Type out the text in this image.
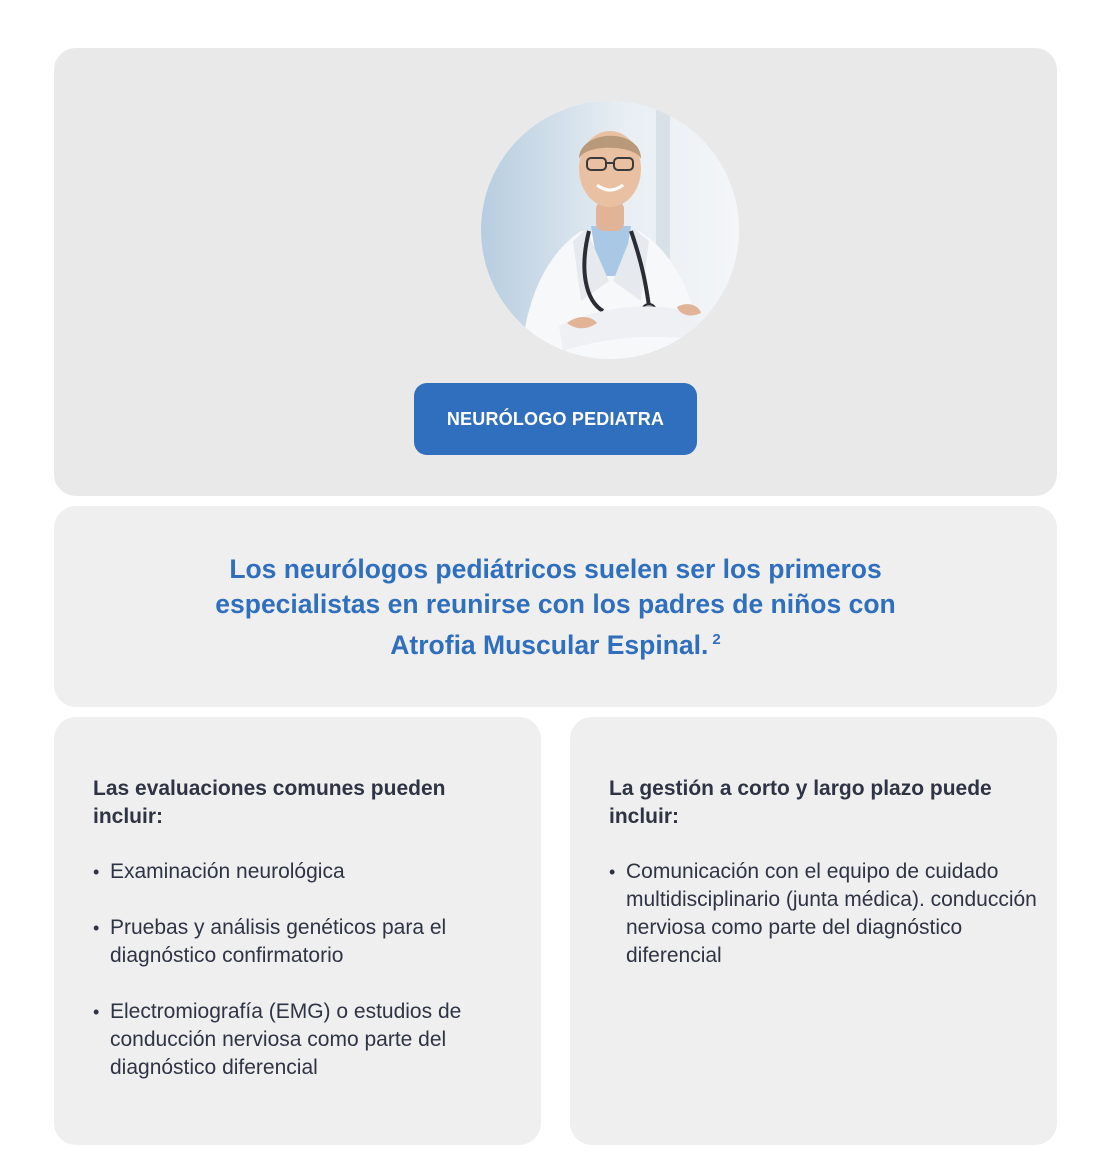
NEURÓLOGO PEDIATRA

Los neurólogos pediátricos suelen ser los primeros
especialistas en reunirse con los padres de niños con
Atrofia Muscular Espinal. $^2$

Las evaluaciones comunes pueden incluir:
• Examinación neurológica
• Pruebas y análisis genéticos para el diagnóstico confirmatorio
• Electromiografía (EMG) o estudios de conducción nerviosa como parte del diagnóstico diferencial
La gestión a corto y largo plazo puede incluir:
• Comunicación con el equipo de cuidado multidisciplinario (junta médica). conducción nerviosa como parte del diagnóstico diferencial
